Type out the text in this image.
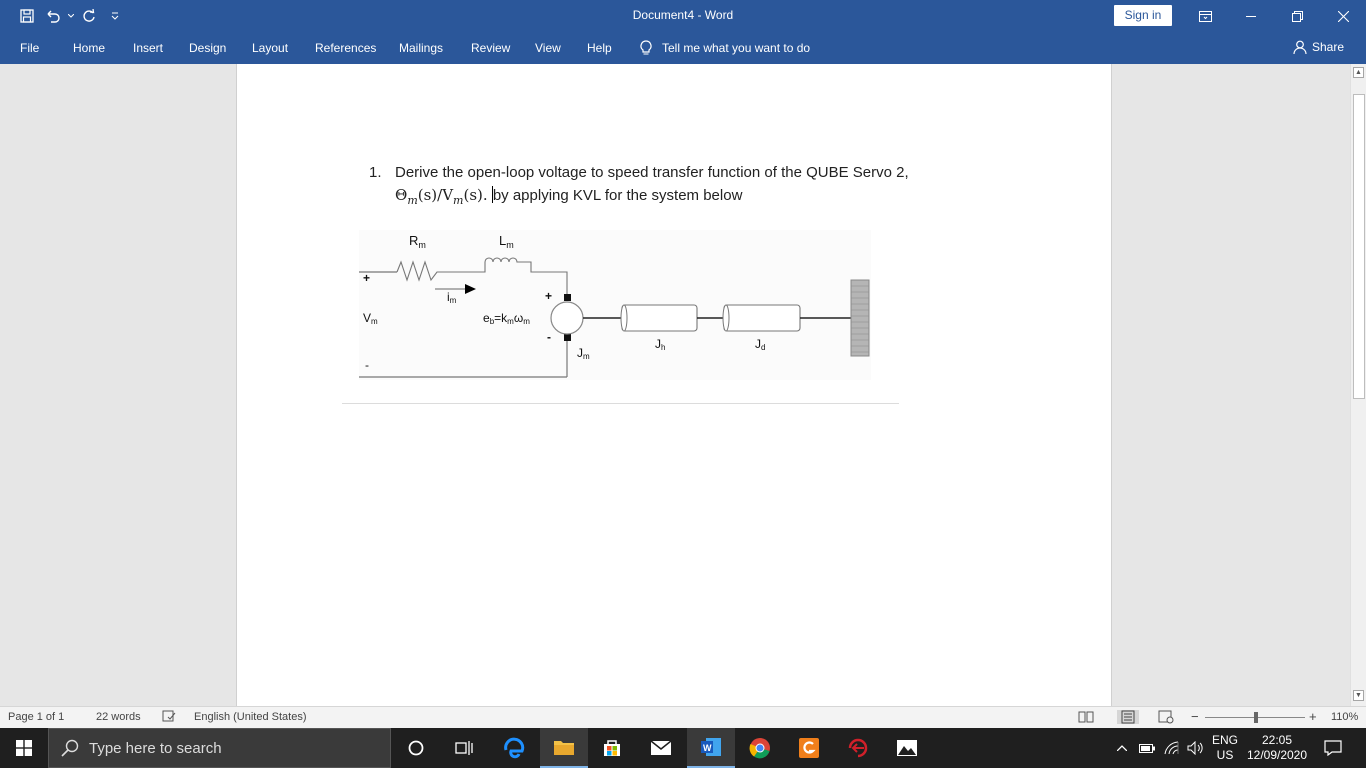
Document4 - Word	Sign in
File	Home Insert Design Layout References Mailings Review View Help	Tell me what you want to do	Share
1. Derive the open-loop voltage to speed transfer function of the QUBE Servo 2,
$\Theta_m(s)/V_m(s)$. by applying KVL for the system below
$R_m$	$L_m$
+
Vm
-
im
eb=kmωm
+
-
Jm
Jh	Jd
▲
▼
Page 1 of 1	22 words	English (United States)	−	+ 110%
Type here to search	W
ENG
US
22:05
12/09/2020
